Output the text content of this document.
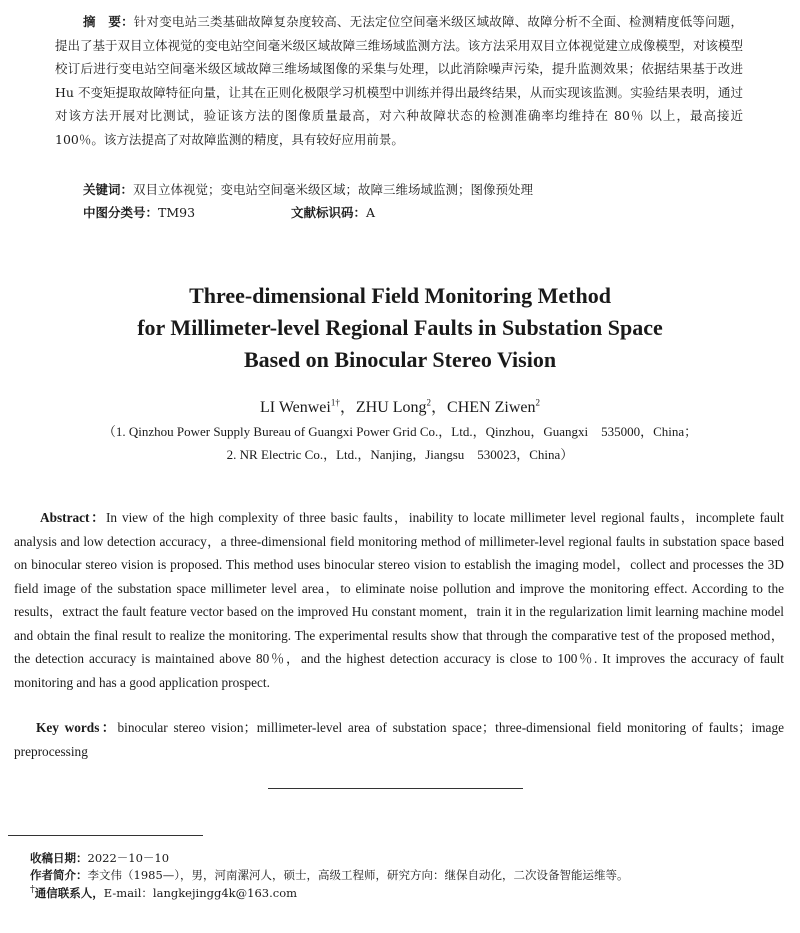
摘　要：针对变电站三类基础故障复杂度较高、无法定位空间毫米级区域故障、故障分析不全面、检测精度低等问题，提出了基于双目立体视觉的变电站空间毫米级区域故障三维场域监测方法。该方法采用双目立体视觉建立成像模型，对该模型校订后进行变电站空间毫米级区域故障三维场域图像的采集与处理，以此消除噪声污染，提升监测效果；依据结果基于改进 Hu 不变矩提取故障特征向量，让其在正则化极限学习机模型中训练并得出最终结果，从而实现该监测。实验结果表明，通过对该方法开展对比测试，验证该方法的图像质量最高，对六种故障状态的检测准确率均维持在 80％ 以上，最高接近 100％。该方法提高了对故障监测的精度，具有较好应用前景。
关键词：双目立体视觉；变电站空间毫米级区域；故障三维场域监测；图像预处理
中图分类号：TM93	文献标识码：A
Three-dimensional Field Monitoring Method
for Millimeter-level Regional Faults in Substation Space
Based on Binocular Stereo Vision
LI Wenwei$^{1\dagger}$，ZHU Long$^2$，CHEN Ziwen$^2$
（1. Qinzhou Power Supply Bureau of Guangxi Power Grid Co.，Ltd.，Qinzhou，Guangxi　535000，China；
2. NR Electric Co.，Ltd.，Nanjing，Jiangsu　530023，China）
Abstract：In view of the high complexity of three basic faults，inability to locate millimeter level regional faults，incomplete fault analysis and low detection accuracy，a three-dimensional field monitoring method of millimeter-level regional faults in substation space based on binocular stereo vision is proposed. This method uses binocular stereo vision to establish the imaging model，collect and processes the 3D field image of the substation space millimeter level area，to eliminate noise pollution and improve the monitoring effect. According to the results，extract the fault feature vector based on the improved Hu constant moment，train it in the regularization limit learning machine model and obtain the final result to realize the monitoring. The experimental results show that through the comparative test of the proposed method，the detection accuracy is maintained above 80％，and the highest detection accuracy is close to 100％. It improves the accuracy of fault monitoring and has a good application prospect.
Key words：binocular stereo vision；millimeter-level area of substation space；three-dimensional field monitoring of faults；image preprocessing
收稿日期：2022－10－10
作者简介：李文伟（1985—），男，河南漯河人，硕士，高级工程师，研究方向：继保自动化，二次设备智能运维等。
†通信联系人，E-mail：langkejingg4k@163.com
